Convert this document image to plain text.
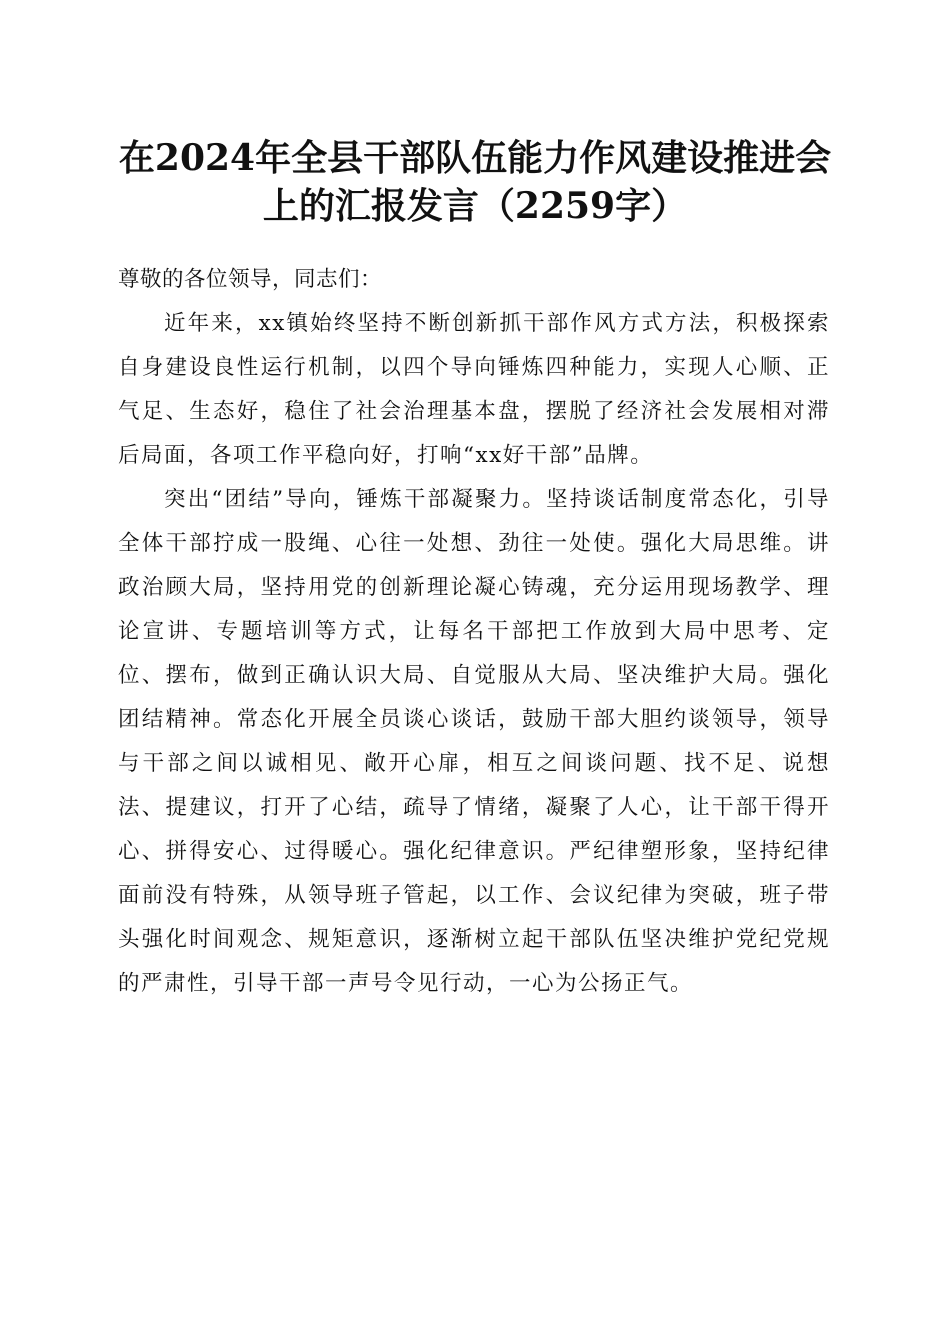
在2024年全县干部队伍能力作风建设推进会
上的汇报发言（2259字）

尊敬的各位领导，同志们：

近年来，xx镇始终坚持不断创新抓干部作风方式方法，积极探索自身建设良性运行机制，以四个导向锤炼四种能力，实现人心顺、正气足、生态好，稳住了社会治理基本盘，摆脱了经济社会发展相对滞后局面，各项工作平稳向好，打响“xx好干部”品牌。

突出“团结”导向，锤炼干部凝聚力。坚持谈话制度常态化，引导全体干部拧成一股绳、心往一处想、劲往一处使。强化大局思维。讲政治顾大局，坚持用党的创新理论凝心铸魂，充分运用现场教学、理论宣讲、专题培训等方式，让每名干部把工作放到大局中思考、定位、摆布，做到正确认识大局、自觉服从大局、坚决维护大局。强化团结精神。常态化开展全员谈心谈话，鼓励干部大胆约谈领导，领导与干部之间以诚相见、敞开心扉，相互之间谈问题、找不足、说想法、提建议，打开了心结，疏导了情绪，凝聚了人心，让干部干得开心、拼得安心、过得暖心。强化纪律意识。严纪律塑形象，坚持纪律面前没有特殊，从领导班子管起，以工作、会议纪律为突破，班子带头强化时间观念、规矩意识，逐渐树立起干部队伍坚决维护党纪党规的严肃性，引导干部一声号令见行动，一心为公扬正气。
